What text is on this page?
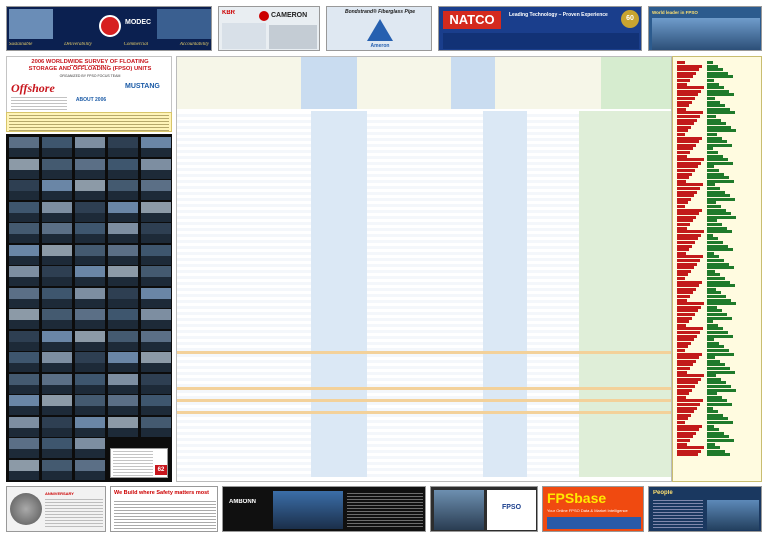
MODEC
Sustainable	Deliverability	Commercial	Accountability
KBR	CAMERON	Bondstrand® Fiberglass Pipe
Ameron
NATCO	Leading Technology – Proven Experience	60
World leader in FPSO
2006 WORLDWIDE SURVEY OF FLOATING
STORAGE AND OFFLOADING (FPSO) UNITS
ORGANIZED BY FPSO FOCUS TEAM
Offshore	MUSTANG
ABOUT 2006
62
ANNIVERSARY	We Build where Safety matters most
AMBONN
FPSO
FPSbase
Your Online FPSO Data & Market Intelligence
People
